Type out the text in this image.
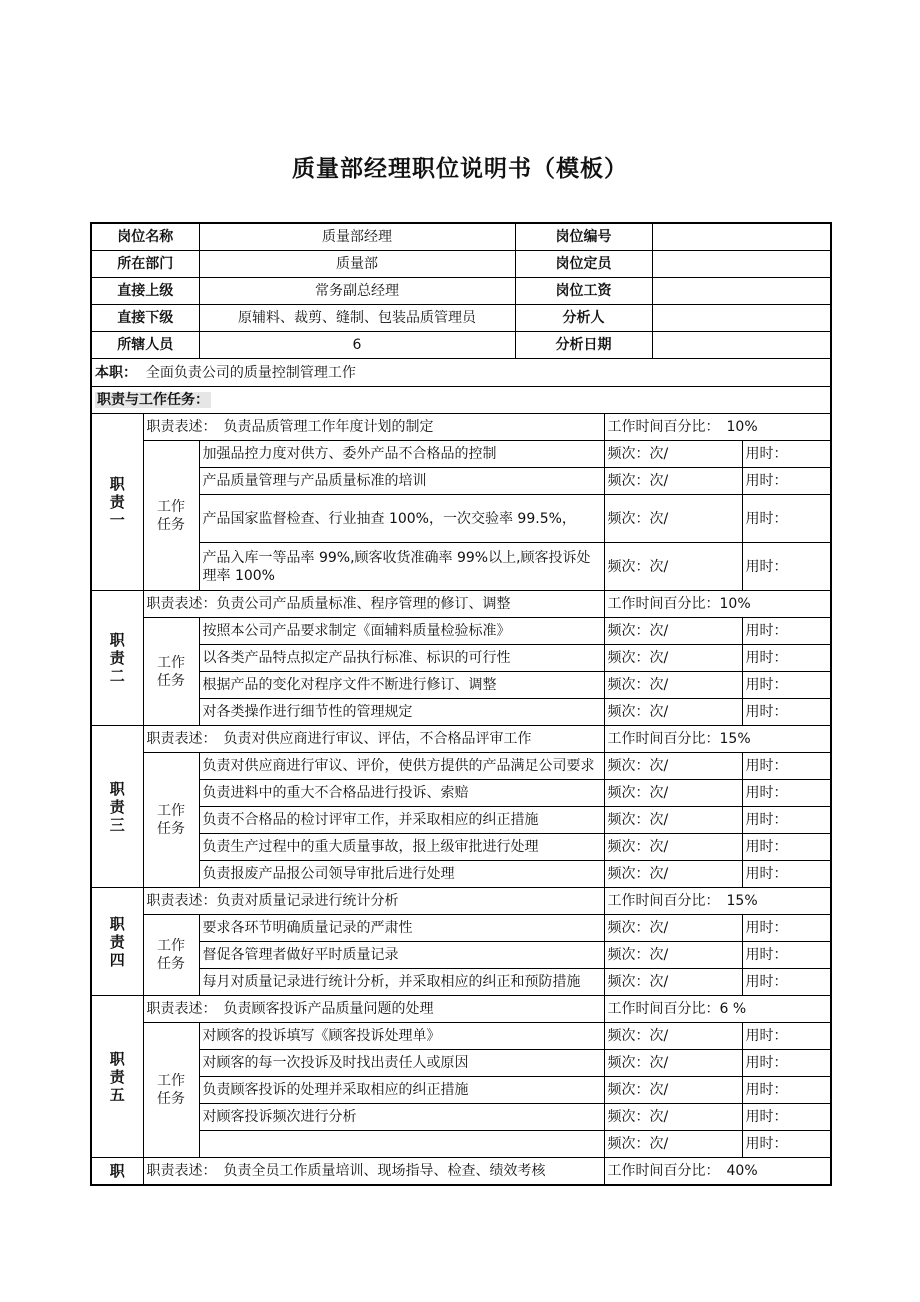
质量部经理职位说明书（模板）
岗位名称		质量部经理	岗位编号			
所在部门		质量部	岗位定员			
直接上级		常务副总经理	岗位工资			
直接下级		原辅料、裁剪、缝制、包装品质管理员	分析人			
所辖人员		6	分析日期			
本职： 全面负责公司的质量控制管理工作						
职责与工作任务：						

职
责
一	职责表述：　负责品质管理工作年度计划的制定			工作时间百分比：　10%		

	工作
任务	加强品控力度对供方、委外产品不合格品的控制		频次：次/		用时：
		产品质量管理与产品质量标准的培训		频次：次/		用时：
		产品国家监督检查、行业抽查 100%，一次交验率 99.5%，		频次：次/		用时：
		产品入库一等品率 99%,顾客收货准确率 99%以上,顾客投诉处理率 100%		频次：次/		用时：

职
责
二	职责表述：负责公司产品质量标准、程序管理的修订、调整			工作时间百分比：10%		

	工作
任务	按照本公司产品要求制定《面辅料质量检验标准》		频次：次/		用时：
		以各类产品特点拟定产品执行标准、标识的可行性		频次：次/		用时：
		根据产品的变化对程序文件不断进行修订、调整		频次：次/		用时：
		对各类操作进行细节性的管理规定		频次：次/		用时：

职
责
三	职责表述：　负责对供应商进行审议、评估，不合格品评审工作			工作时间百分比：15%		

	工作
任务	负责对供应商进行审议、评价，使供方提供的产品满足公司要求		频次：次/		用时：
		负责进料中的重大不合格品进行投诉、索赔		频次：次/		用时：
		负责不合格品的检讨评审工作，并采取相应的纠正措施		频次：次/		用时：
		负责生产过程中的重大质量事故，报上级审批进行处理		频次：次/		用时：
		负责报废产品报公司领导审批后进行处理		频次：次/		用时：

职
责
四	职责表述：负责对质量记录进行统计分析			工作时间百分比：　15%		

	工作
任务	要求各环节明确质量记录的严肃性		频次：次/		用时：
		督促各管理者做好平时质量记录		频次：次/		用时：
		每月对质量记录进行统计分析，并采取相应的纠正和预防措施		频次：次/		用时：

职
责
五	职责表述：　负责顾客投诉产品质量问题的处理			工作时间百分比：6 %		

	工作
任务	对顾客的投诉填写《顾客投诉处理单》		频次：次/		用时：
		对顾客的每一次投诉及时找出责任人或原因		频次：次/		用时：
		负责顾客投诉的处理并采取相应的纠正措施		频次：次/		用时：
		对顾客投诉频次进行分析		频次：次/		用时：
				频次：次/		用时：

职	职责表述：　负责全员工作质量培训、现场指导、检查、绩效考核			工作时间百分比：　40%		
